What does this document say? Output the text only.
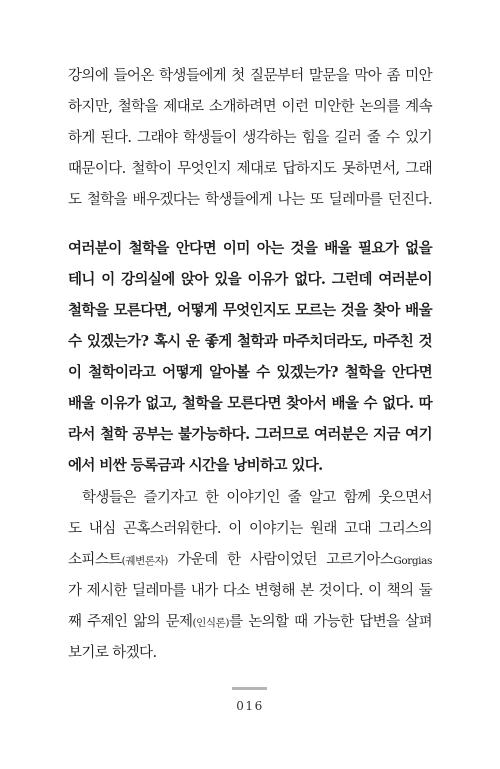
강의에 들어온 학생들에게 첫 질문부터 말문을 막아 좀 미안
하지만, 철학을 제대로 소개하려면 이런 미안한 논의를 계속
하게 된다. 그래야 학생들이 생각하는 힘을 길러 줄 수 있기
때문이다. 철학이 무엇인지 제대로 답하지도 못하면서, 그래
도 철학을 배우겠다는 학생들에게 나는 또 딜레마를 던진다.
여러분이 철학을 안다면 이미 아는 것을 배울 필요가 없을
테니 이 강의실에 앉아 있을 이유가 없다. 그런데 여러분이
철학을 모른다면, 어떻게 무엇인지도 모르는 것을 찾아 배울
수 있겠는가? 혹시 운 좋게 철학과 마주치더라도, 마주친 것
이 철학이라고 어떻게 알아볼 수 있겠는가? 철학을 안다면
배울 이유가 없고, 철학을 모른다면 찾아서 배울 수 없다. 따
라서 철학 공부는 불가능하다. 그러므로 여러분은 지금 여기
에서 비싼 등록금과 시간을 낭비하고 있다.
학생들은 즐기자고 한 이야기인 줄 알고 함께 웃으면서
도 내심 곤혹스러워한다. 이 이야기는 원래 고대 그리스의
소피스트(궤변론자) 가운데 한 사람이었던 고르기아스Gorgias
가 제시한 딜레마를 내가 다소 변형해 본 것이다. 이 책의 둘
째 주제인 앎의 문제(인식론)를 논의할 때 가능한 답변을 살펴
보기로 하겠다.
016
